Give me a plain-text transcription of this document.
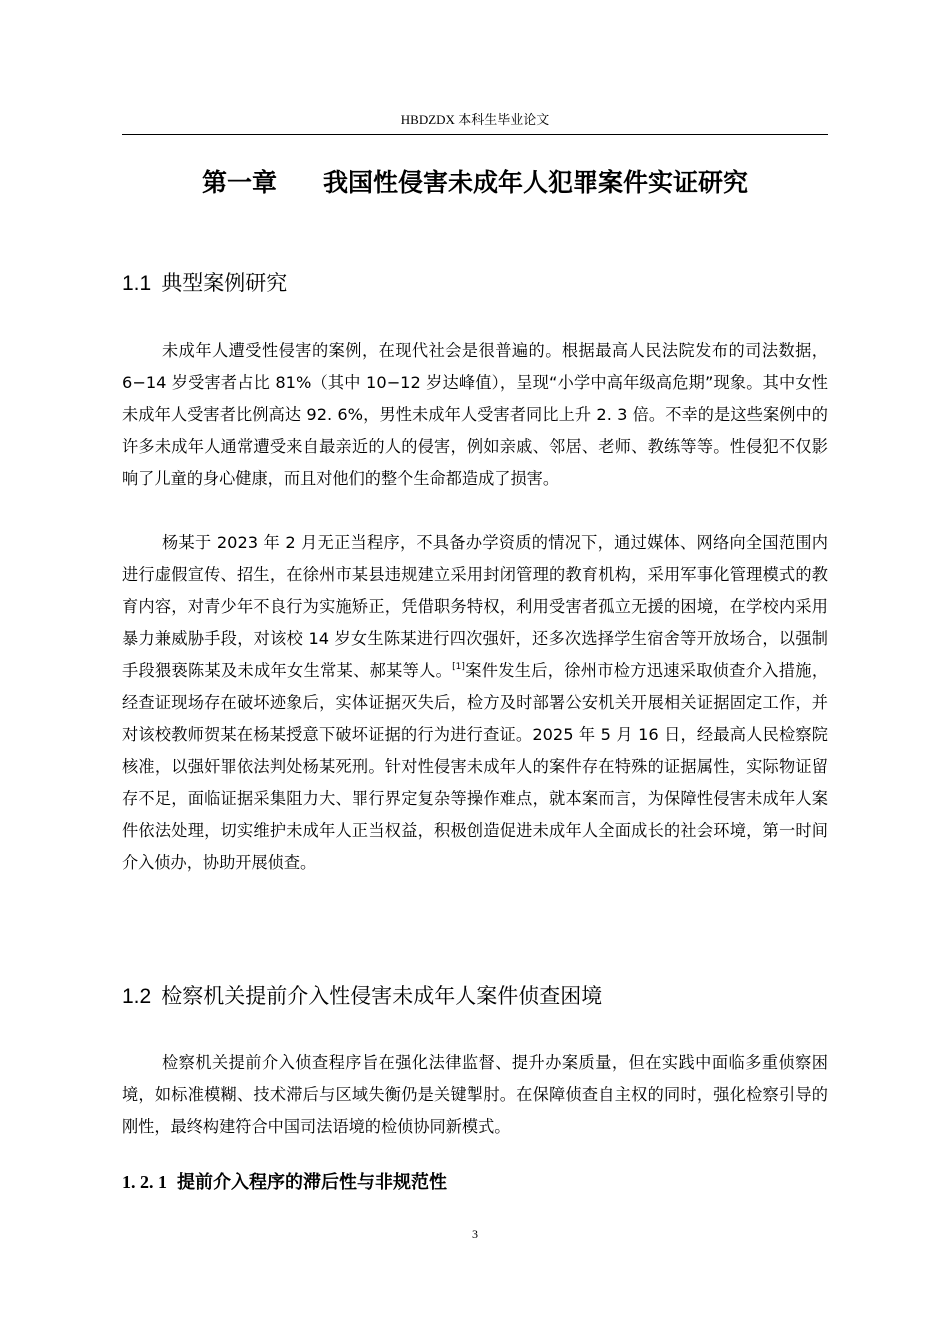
HBDZDX 本科生毕业论文
第一章 我国性侵害未成年人犯罪案件实证研究
1.1 典型案例研究

未成年人遭受性侵害的案例，在现代社会是很普遍的。根据最高人民法院发布的司法数据，6−14 岁受害者占比 81%（其中 10−12 岁达峰值），呈现“小学中高年级高危期”现象。其中女性未成年人受害者比例高达 92. 6%，男性未成年人受害者同比上升 2. 3 倍。不幸的是这些案例中的许多未成年人通常遭受来自最亲近的人的侵害，例如亲戚、邻居、老师、教练等等。性侵犯不仅影响了儿童的身心健康，而且对他们的整个生命都造成了损害。

杨某于 2023 年 2 月无正当程序，不具备办学资质的情况下，通过媒体、网络向全国范围内进行虚假宣传、招生，在徐州市某县违规建立采用封闭管理的教育机构，采用军事化管理模式的教育内容，对青少年不良行为实施矫正，凭借职务特权，利用受害者孤立无援的困境，在学校内采用暴力兼威胁手段，对该校 14 岁女生陈某进行四次强奸，还多次选择学生宿舍等开放场合，以强制手段猥亵陈某及未成年女生常某、郝某等人。[1]案件发生后，徐州市检方迅速采取侦查介入措施，经查证现场存在破坏迹象后，实体证据灭失后，检方及时部署公安机关开展相关证据固定工作，并对该校教师贺某在杨某授意下破坏证据的行为进行查证。2025 年 5 月 16 日，经最高人民检察院核准，以强奸罪依法判处杨某死刑。针对性侵害未成年人的案件存在特殊的证据属性，实际物证留存不足，面临证据采集阻力大、罪行界定复杂等操作难点，就本案而言，为保障性侵害未成年人案件依法处理，切实维护未成年人正当权益，积极创造促进未成年人全面成长的社会环境，第一时间介入侦办，协助开展侦查。

1.2 检察机关提前介入性侵害未成年人案件侦查困境

检察机关提前介入侦查程序旨在强化法律监督、提升办案质量，但在实践中面临多重侦察困境，如标准模糊、技术滞后与区域失衡仍是关键掣肘。在保障侦查自主权的同时，强化检察引导的刚性，最终构建符合中国司法语境的检侦协同新模式。

1. 2. 1 提前介入程序的滞后性与非规范性
3
